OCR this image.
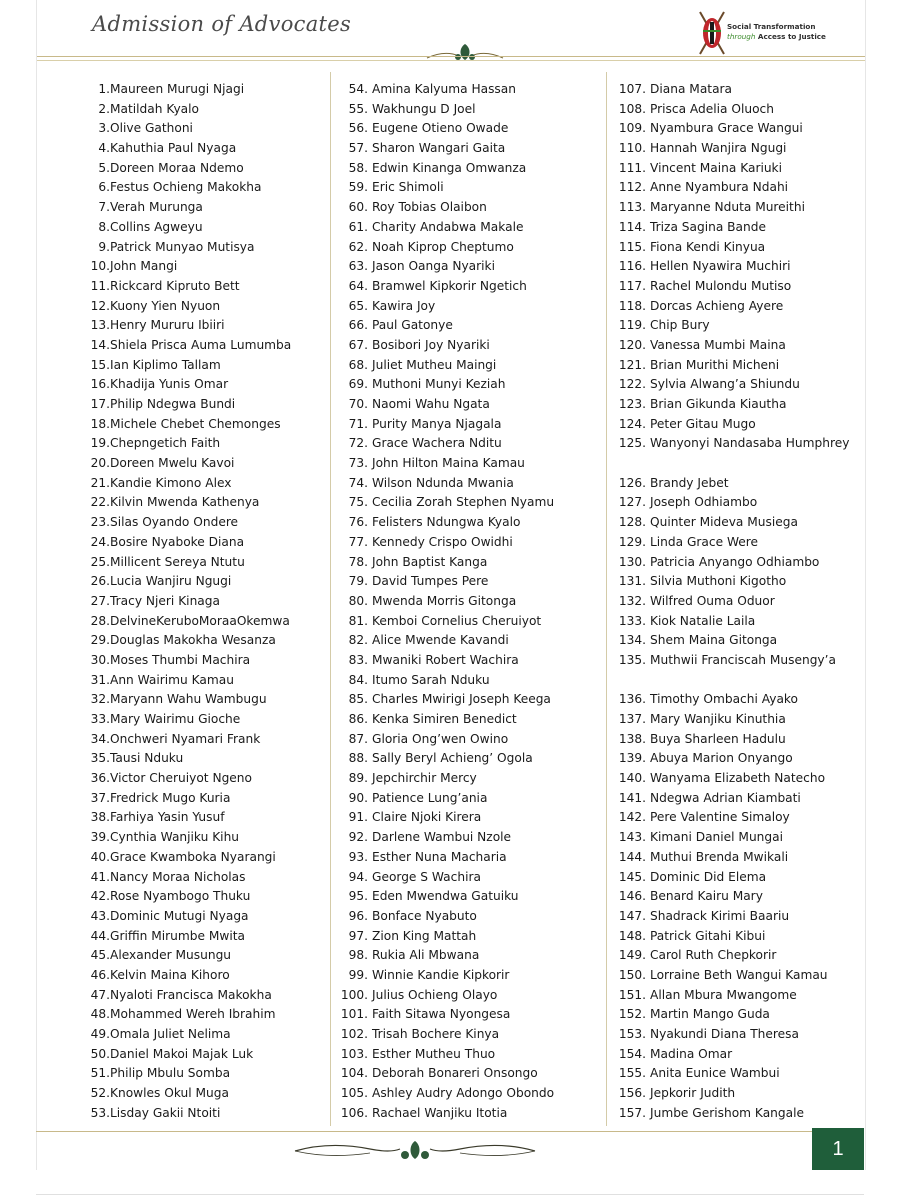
Admission of Advocates	Social Transformation
through Access to Justice
1. Maureen Murugi Njagi
2. Matildah Kyalo
3. Olive Gathoni
4. Kahuthia Paul Nyaga
5. Doreen Moraa Ndemo
6. Festus Ochieng Makokha
7. Verah Murunga
8. Collins Agweyu
9. Patrick Munyao Mutisya
10. John Mangi
11. Rickcard Kipruto Bett
12. Kuony Yien Nyuon
13. Henry Mururu Ibiiri
14. Shiela Prisca Auma Lumumba
15. Ian Kiplimo Tallam
16. Khadija Yunis Omar
17. Philip Ndegwa Bundi
18. Michele Chebet Chemonges
19. Chepngetich Faith
20. Doreen Mwelu Kavoi
21. Kandie Kimono Alex
22. Kilvin Mwenda Kathenya
23. Silas Oyando Ondere
24. Bosire Nyaboke Diana
25. Millicent Sereya Ntutu
26. Lucia Wanjiru Ngugi
27. Tracy Njeri Kinaga
28. DelvineKeruboMoraaOkemwa
29. Douglas Makokha Wesanza
30. Moses Thumbi Machira
31. Ann Wairimu Kamau
32. Maryann Wahu Wambugu
33. Mary Wairimu Gioche
34. Onchweri Nyamari Frank
35. Tausi Nduku
36. Victor Cheruiyot Ngeno
37. Fredrick Mugo Kuria
38. Farhiya Yasin Yusuf
39. Cynthia Wanjiku Kihu
40. Grace Kwamboka Nyarangi
41. Nancy Moraa Nicholas
42. Rose Nyambogo Thuku
43. Dominic Mutugi Nyaga
44. Griffin Mirumbe Mwita
45. Alexander Musungu
46. Kelvin Maina Kihoro
47. Nyaloti Francisca Makokha
48. Mohammed Wereh Ibrahim
49. Omala Juliet Nelima
50. Daniel Makoi Majak Luk
51. Philip Mbulu Somba
52. Knowles Okul Muga
53. Lisday Gakii Ntoiti
54. Amina Kalyuma Hassan
55. Wakhungu D Joel
56. Eugene Otieno Owade
57. Sharon Wangari Gaita
58. Edwin Kinanga Omwanza
59. Eric Shimoli
60. Roy Tobias Olaibon
61. Charity Andabwa Makale
62. Noah Kiprop Cheptumo
63. Jason Oanga Nyariki
64. Bramwel Kipkorir Ngetich
65. Kawira Joy
66. Paul Gatonye
67. Bosibori Joy Nyariki
68. Juliet Mutheu Maingi
69. Muthoni Munyi Keziah
70. Naomi Wahu Ngata
71. Purity Manya Njagala
72. Grace Wachera Nditu
73. John Hilton Maina Kamau
74. Wilson Ndunda Mwania
75. Cecilia Zorah Stephen Nyamu
76. Felisters Ndungwa Kyalo
77. Kennedy Crispo Owidhi
78. John Baptist Kanga
79. David Tumpes Pere
80. Mwenda Morris Gitonga
81. Kemboi Cornelius Cheruiyot
82. Alice Mwende Kavandi
83. Mwaniki Robert Wachira
84. Itumo Sarah Nduku
85. Charles Mwirigi Joseph Keega
86. Kenka Simiren Benedict
87. Gloria Ong’wen Owino
88. Sally Beryl Achieng’ Ogola
89. Jepchirchir Mercy
90. Patience Lung’ania
91. Claire Njoki Kirera
92. Darlene Wambui Nzole
93. Esther Nuna Macharia
94. George S Wachira
95. Eden Mwendwa Gatuiku
96. Bonface Nyabuto
97. Zion King Mattah
98. Rukia Ali Mbwana
99. Winnie Kandie Kipkorir
100. Julius Ochieng Olayo
101. Faith Sitawa Nyongesa
102. Trisah Bochere Kinya
103. Esther Mutheu Thuo
104. Deborah Bonareri Onsongo
105. Ashley Audry Adongo Obondo
106. Rachael Wanjiku Itotia
107. Diana Matara
108. Prisca Adelia Oluoch
109. Nyambura Grace Wangui
110. Hannah Wanjira Ngugi
111. Vincent Maina Kariuki
112. Anne Nyambura Ndahi
113. Maryanne Nduta Mureithi
114. Triza Sagina Bande
115. Fiona Kendi Kinyua
116. Hellen Nyawira Muchiri
117. Rachel Mulondu Mutiso
118. Dorcas Achieng Ayere
119. Chip Bury
120. Vanessa Mumbi Maina
121. Brian Murithi Micheni
122. Sylvia Alwang’a Shiundu
123. Brian Gikunda Kiautha
124. Peter Gitau Mugo
125. Wanyonyi Nandasaba Humphrey
126. Brandy Jebet
127. Joseph Odhiambo
128. Quinter Mideva Musiega
129. Linda Grace Were
130. Patricia Anyango Odhiambo
131. Silvia Muthoni Kigotho
132. Wilfred Ouma Oduor
133. Kiok Natalie Laila
134. Shem Maina Gitonga
135. Muthwii Franciscah Musengy’a
136. Timothy Ombachi Ayako
137. Mary Wanjiku Kinuthia
138. Buya Sharleen Hadulu
139. Abuya Marion Onyango
140. Wanyama Elizabeth Natecho
141. Ndegwa Adrian Kiambati
142. Pere Valentine Simaloy
143. Kimani Daniel Mungai
144. Muthui Brenda Mwikali
145. Dominic Did Elema
146. Benard Kairu Mary
147. Shadrack Kirimi Baariu
148. Patrick Gitahi Kibui
149. Carol Ruth Chepkorir
150. Lorraine Beth Wangui Kamau
151. Allan Mbura Mwangome
152. Martin Mango Guda
153. Nyakundi Diana Theresa
154. Madina Omar
155. Anita Eunice Wambui
156. Jepkorir Judith
157. Jumbe Gerishom Kangale
1
